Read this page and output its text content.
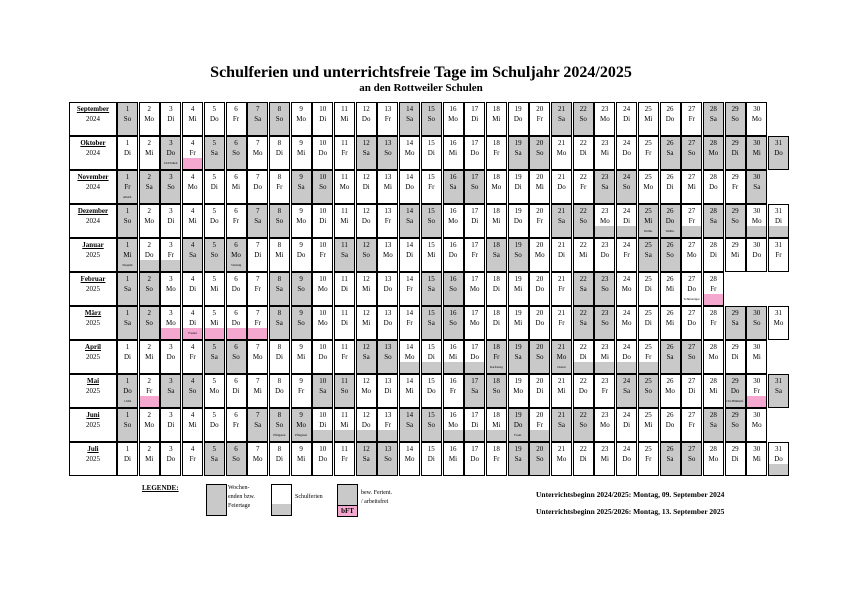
Schulferien und unterrichtsfreie Tage im Schuljahr 2024/2025
an den Rottweiler Schulen
September
2024
1
So
2
Mo
3
Di
4
Mi
5
Do
6
Fr
7
Sa
8
So
9
Mo
10
Di
11
Mi
12
Do
13
Fr
14
Sa
15
So
16
Mo
17
Di
18
Mi
19
Do
20
Fr
21
Sa
22
So
23
Mo
24
Di
25
Mi
26
Do
27
Fr
28
Sa
29
So
30
Mo
Oktober
2024
1
Di
2
Mi
3
Do
Dt.Einheit
4
Fr
5
Sa
6
So
7
Mo
8
Di
9
Mi
10
Do
11
Fr
12
Sa
13
So
14
Mo
15
Di
16
Mi
17
Do
18
Fr
19
Sa
20
So
21
Mo
22
Di
23
Mi
24
Do
25
Fr
26
Sa
27
So
28
Mo
29
Di
30
Mi
31
Do
November
2024
1
Fr
Allerh.
2
Sa
3
So
4
Mo
5
Di
6
Mi
7
Do
8
Fr
9
Sa
10
So
11
Mo
12
Di
13
Mi
14
Do
15
Fr
16
Sa
17
So
18
Mo
19
Di
20
Mi
21
Do
22
Fr
23
Sa
24
So
25
Mo
26
Di
27
Mi
28
Do
29
Fr
30
Sa
Dezember
2024
1
So
2
Mo
3
Di
4
Mi
5
Do
6
Fr
7
Sa
8
So
9
Mo
10
Di
11
Mi
12
Do
13
Fr
14
Sa
15
So
16
Mo
17
Di
18
Mi
19
Do
20
Fr
21
Sa
22
So
23
Mo
24
Di
25
Mi
Weihn.
26
Do
Weihn.
27
Fr
28
Sa
29
So
30
Mo
31
Di
Januar
2025
1
Mi
Neujahr
2
Do
3
Fr
4
Sa
5
So
6
Mo
3 König
7
Di
8
Mi
9
Do
10
Fr
11
Sa
12
So
13
Mo
14
Di
15
Mi
16
Do
17
Fr
18
Sa
19
So
20
Mo
21
Di
22
Mi
23
Do
24
Fr
25
Sa
26
So
27
Mo
28
Di
29
Mi
30
Do
31
Fr
Februar
2025
1
Sa
2
So
3
Mo
4
Di
5
Mi
6
Do
7
Fr
8
Sa
9
So
10
Mo
11
Di
12
Mi
13
Do
14
Fr
15
Sa
16
So
17
Mo
18
Di
19
Mi
20
Do
21
Fr
22
Sa
23
So
24
Mo
25
Di
26
Mi
27
Do
Schmotziger
28
Fr
März
2025
1
Sa
2
So
3
Mo
4
Di
Fasnet
5
Mi
6
Do
7
Fr
8
Sa
9
So
10
Mo
11
Di
12
Mi
13
Do
14
Fr
15
Sa
16
So
17
Mo
18
Di
19
Mi
20
Do
21
Fr
22
Sa
23
So
24
Mo
25
Di
26
Mi
27
Do
28
Fr
29
Sa
30
So
31
Mo
April
2025
1
Di
2
Mi
3
Do
4
Fr
5
Sa
6
So
7
Mo
8
Di
9
Mi
10
Do
11
Fr
12
Sa
13
So
14
Mo
15
Di
16
Mi
17
Do
18
Fr
Karfreitag
19
Sa
20
So
21
Mo
Ostern
22
Di
23
Mi
24
Do
25
Fr
26
Sa
27
So
28
Mo
29
Di
30
Mi
Mai
2025
1
Do
1.Mai
2
Fr
3
Sa
4
So
5
Mo
6
Di
7
Mi
8
Do
9
Fr
10
Sa
11
So
12
Mo
13
Di
14
Mi
15
Do
16
Fr
17
Sa
18
So
19
Mo
20
Di
21
Mi
22
Do
23
Fr
24
Sa
25
So
26
Mo
27
Di
28
Mi
29
Do
Chr.Himmelf.
30
Fr
31
Sa
Juni
2025
1
So
2
Mo
3
Di
4
Mi
5
Do
6
Fr
7
Sa
8
So
Pfingsten
9
Mo
Pfingsten
10
Di
11
Mi
12
Do
13
Fr
14
Sa
15
So
16
Mo
17
Di
18
Mi
19
Do
Fronl.
20
Fr
21
Sa
22
So
23
Mo
24
Di
25
Mi
26
Do
27
Fr
28
Sa
29
So
30
Mo
Juli
2025
1
Di
2
Mi
3
Do
4
Fr
5
Sa
6
So
7
Mo
8
Di
9
Mi
10
Do
11
Fr
12
Sa
13
So
14
Mo
15
Di
16
Mi
17
Do
18
Fr
19
Sa
20
So
21
Mo
22
Di
23
Mi
24
Do
25
Fr
26
Sa
27
So
28
Mo
29
Di
30
Mi
31
Do
LEGENDE:	Wochen-
enden bzw.
Feiertage
Schulferien
bFT
bew. Ferient.
/ arbeitsfrei
Unterrichtsbeginn 2024/2025: Montag, 09. September 2024
Unterrichtsbeginn 2025/2026: Montag, 13. September 2025
